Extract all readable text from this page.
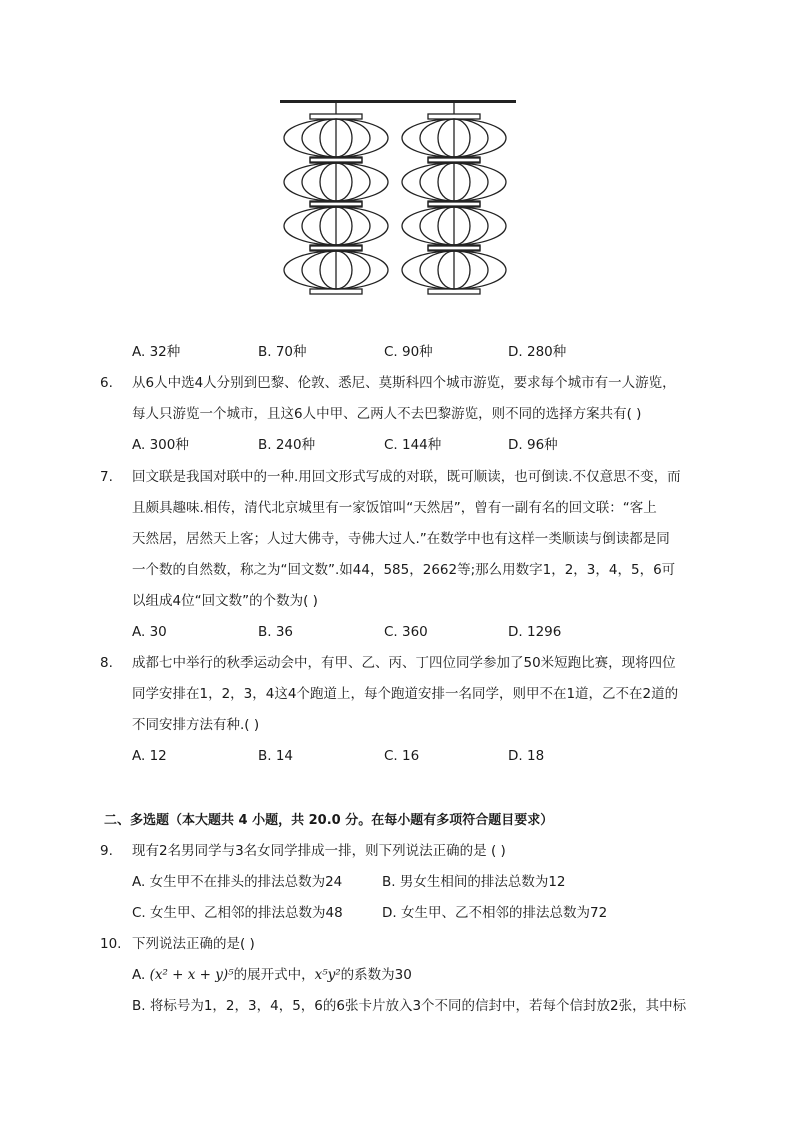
A. 32种	B. 70种	C. 90种	D. 280种
6. 从6人中选4人分别到巴黎、伦敦、悉尼、莫斯科四个城市游览，要求每个城市有一人游览，
每人只游览一个城市，且这6人中甲、乙两人不去巴黎游览，则不同的选择方案共有( )
A. 300种	B. 240种	C. 144种	D. 96种
7. 回文联是我国对联中的一种.用回文形式写成的对联，既可顺读，也可倒读.不仅意思不变，而
且颇具趣味.相传，清代北京城里有一家饭馆叫“天然居”，曾有一副有名的回文联：“客上
天然居，居然天上客；人过大佛寺，寺佛大过人.”在数学中也有这样一类顺读与倒读都是同
一个数的自然数，称之为“回文数”.如44，585，2662等;那么用数字1，2，3，4，5，6可
以组成4位“回文数”的个数为( )
A. 30	B. 36	C. 360	D. 1296
8. 成都七中举行的秋季运动会中，有甲、乙、丙、丁四位同学参加了50米短跑比赛，现将四位
同学安排在1，2，3，4这4个跑道上，每个跑道安排一名同学，则甲不在1道，乙不在2道的
不同安排方法有种.( )
A. 12	B. 14	C. 16	D. 18
二、多选题（本大题共 4 小题，共 20.0 分。在每小题有多项符合题目要求）
9. 现有2名男同学与3名女同学排成一排，则下列说法正确的是 ( )
A. 女生甲不在排头的排法总数为24	B. 男女生相间的排法总数为12
C. 女生甲、乙相邻的排法总数为48	D. 女生甲、乙不相邻的排法总数为72
10. 下列说法正确的是( )
A. (x² + x + y)⁵的展开式中，x⁵y²的系数为30
B. 将标号为1，2，3，4，5，6的6张卡片放入3个不同的信封中，若每个信封放2张，其中标
